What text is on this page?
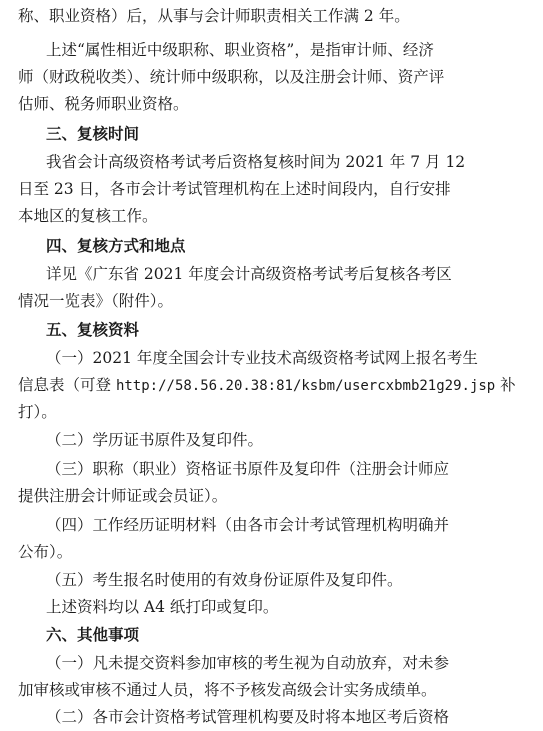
称、职业资格）后，从事与会计师职责相关工作满 2 年。
上述“属性相近中级职称、职业资格”，是指审计师、经济
师（财政税收类）、统计师中级职称，以及注册会计师、资产评
估师、税务师职业资格。
三、复核时间
我省会计高级资格考试考后资格复核时间为 2021 年 7 月 12
日至 23 日，各市会计考试管理机构在上述时间段内，自行安排
本地区的复核工作。
四、复核方式和地点
详见《广东省 2021 年度会计高级资格考试考后复核各考区
情况一览表》（附件）。
五、复核资料
（一）2021 年度全国会计专业技术高级资格考试网上报名考生
信息表（可登 http://58.56.20.38:81/ksbm/usercxbmb21g29.jsp 补
打）。
（二）学历证书原件及复印件。
（三）职称（职业）资格证书原件及复印件（注册会计师应
提供注册会计师证或会员证）。
（四）工作经历证明材料（由各市会计考试管理机构明确并
公布）。
（五）考生报名时使用的有效身份证原件及复印件。
上述资料均以 A4 纸打印或复印。
六、其他事项
（一）凡未提交资料参加审核的考生视为自动放弃，对未参
加审核或审核不通过人员，将不予核发高级会计实务成绩单。
（二）各市会计资格考试管理机构要及时将本地区考后资格
